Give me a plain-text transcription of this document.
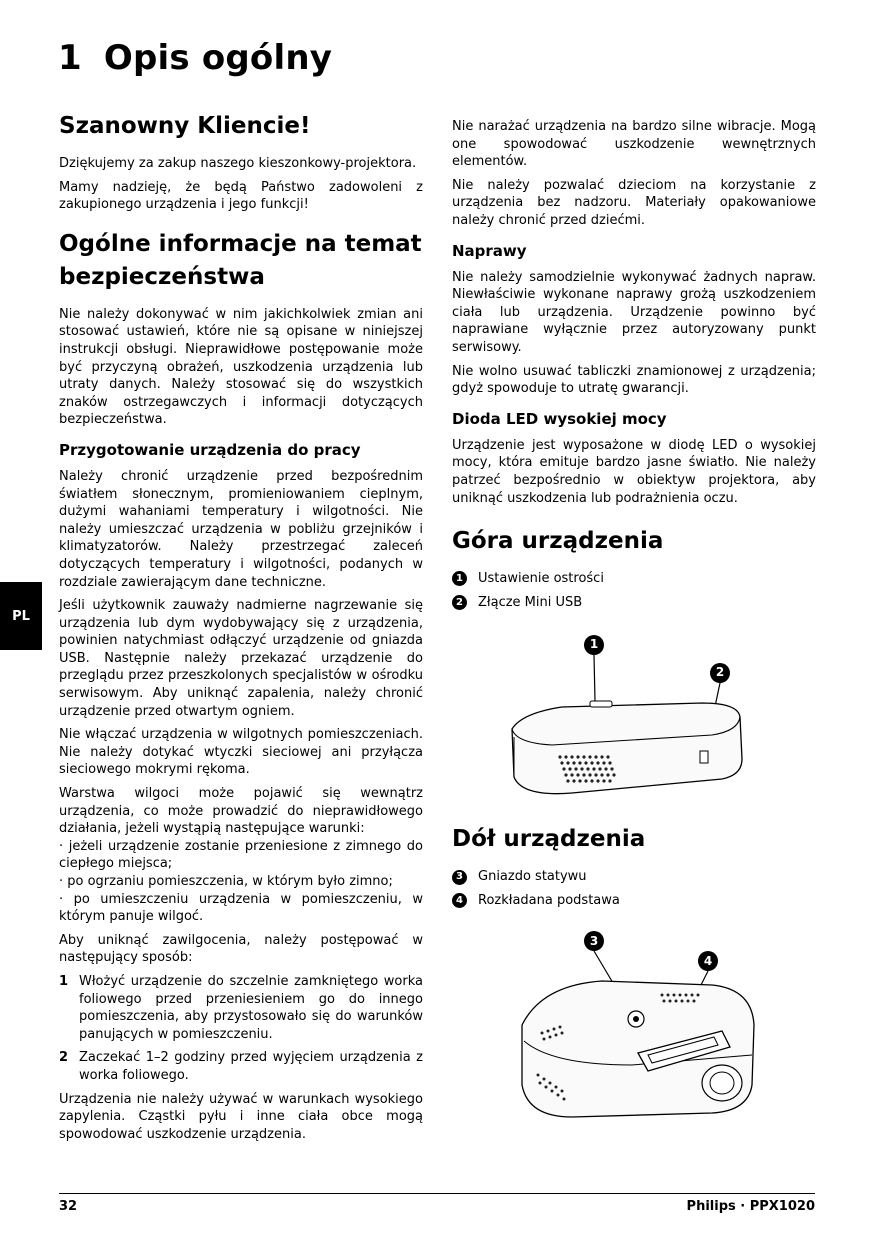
1 Opis ogólny
PL
Szanowny Kliencie!

Dziękujemy za zakup naszego kieszonkowy-projektora.

Mamy nadzieję, że będą Państwo zadowoleni z zakupionego urządzenia i jego funkcji!

Ogólne informacje na temat bezpieczeństwa

Nie należy dokonywać w nim jakichkolwiek zmian ani stosować ustawień, które nie są opisane w niniejszej instrukcji obsługi. Nieprawidłowe postępowanie może być przyczyną obrażeń, uszkodzenia urządzenia lub utraty danych. Należy stosować się do wszystkich znaków ostrzegawczych i informacji dotyczących bezpieczeństwa.

Przygotowanie urządzenia do pracy

Należy chronić urządzenie przed bezpośrednim światłem słonecznym, promieniowaniem cieplnym, dużymi wahaniami temperatury i wilgotności. Nie należy umieszczać urządzenia w pobliżu grzejników i klimatyzatorów. Należy przestrzegać zaleceń dotyczących temperatury i wilgotności, podanych w rozdziale zawierającym dane techniczne.

Jeśli użytkownik zauważy nadmierne nagrzewanie się urządzenia lub dym wydobywający się z urządzenia, powinien natychmiast odłączyć urządzenie od gniazda USB. Następnie należy przekazać urządzenie do przeglądu przez przeszkolonych specjalistów w ośrodku serwisowym. Aby uniknąć zapalenia, należy chronić urządzenie przed otwartym ogniem.

Nie włączać urządzenia w wilgotnych pomieszczeniach. Nie należy dotykać wtyczki sieciowej ani przyłącza sieciowego mokrymi rękoma.

Warstwa wilgoci może pojawić się wewnątrz urządzenia, co może prowadzić do nieprawidłowego działania, jeżeli wystąpią następujące warunki:

· jeżeli urządzenie zostanie przeniesione z zimnego do ciepłego miejsca;

· po ogrzaniu pomieszczenia, w którym było zimno;

· po umieszczeniu urządzenia w pomieszczeniu, w którym panuje wilgoć.

Aby uniknąć zawilgocenia, należy postępować w następujący sposób:

1 Włożyć urządzenie do szczelnie zamkniętego worka foliowego przed przeniesieniem go do innego pomieszczenia, aby przystosowało się do warunków panujących w pomieszczeniu.
2 Zaczekać 1–2 godziny przed wyjęciem urządzenia z worka foliowego.

Urządzenia nie należy używać w warunkach wysokiego zapylenia. Cząstki pyłu i inne ciała obce mogą spowodować uszkodzenie urządzenia.

Nie narażać urządzenia na bardzo silne wibracje. Mogą one spowodować uszkodzenie wewnętrznych elementów.

Nie należy pozwalać dzieciom na korzystanie z urządzenia bez nadzoru. Materiały opakowaniowe należy chronić przed dziećmi.

Naprawy

Nie należy samodzielnie wykonywać żadnych napraw. Niewłaściwie wykonane naprawy grożą uszkodzeniem ciała lub urządzenia. Urządzenie powinno być naprawiane wyłącznie przez autoryzowany punkt serwisowy.

Nie wolno usuwać tabliczki znamionowej z urządzenia; gdyż spowoduje to utratę gwarancji.

Dioda LED wysokiej mocy

Urządzenie jest wyposażone w diodę LED o wysokiej mocy, która emituje bardzo jasne światło. Nie należy patrzeć bezpośrednio w obiektyw projektora, aby uniknąć uszkodzenia lub podrażnienia oczu.

Góra urządzenia
1	Ustawienie ostrości
2	Złącze Mini USB
1
2
Dół urządzenia
3	Gniazdo statywu
4	Rozkładana podstawa
3
4
32	Philips · PPX1020
